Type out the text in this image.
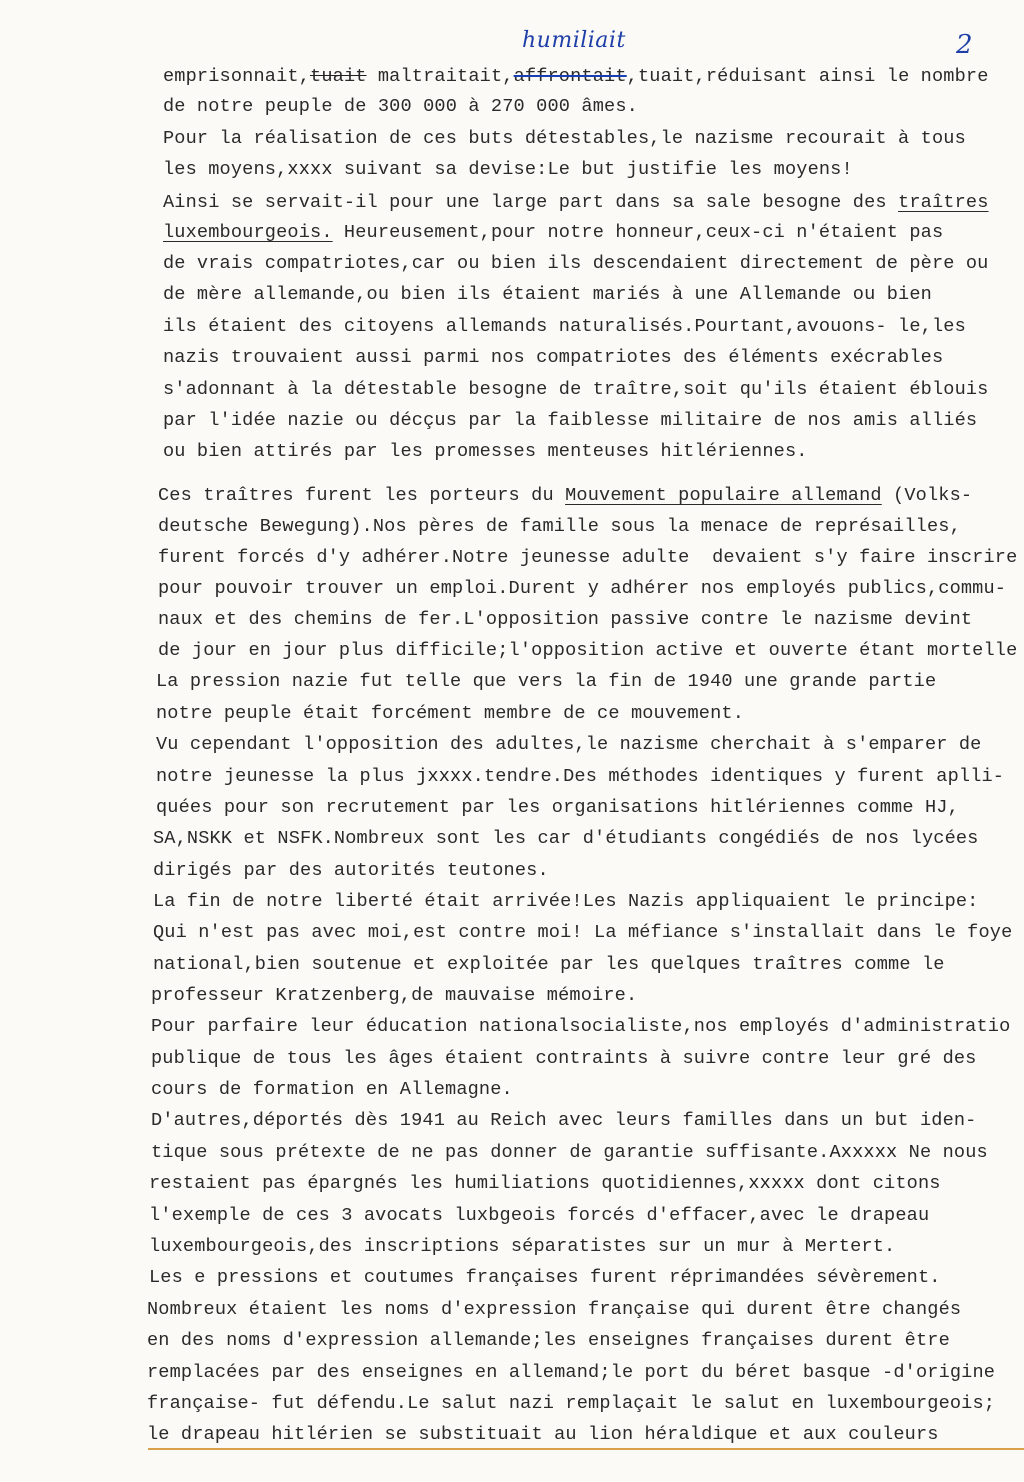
humiliait	2
emprisonnait,tuait maltraitait,affrontait,tuait,réduisant ainsi le nombre
de notre peuple de 300 000 à 270 000 âmes.
Pour la réalisation de ces buts détestables,le nazisme recourait à tous
les moyens,xxxx suivant sa devise:Le but justifie les moyens!
Ainsi se servait-il pour une large part dans sa sale besogne des traîtres
luxembourgeois. Heureusement,pour notre honneur,ceux-ci n'étaient pas
de vrais compatriotes,car ou bien ils descendaient directement de père ou
de mère allemande,ou bien ils étaient mariés à une Allemande ou bien
ils étaient des citoyens allemands naturalisés.Pourtant,avouons- le,les
nazis trouvaient aussi parmi nos compatriotes des éléments exécrables
s'adonnant à la détestable besogne de traître,soit qu'ils étaient éblouis
par l'idée nazie ou décçus par la faiblesse militaire de nos amis alliés
ou bien attirés par les promesses menteuses hitlériennes.
Ces traîtres furent les porteurs du Mouvement populaire allemand (Volks-
deutsche Bewegung).Nos pères de famille sous la menace de représailles,
furent forcés d'y adhérer.Notre jeunesse adulte  devaient s'y faire inscrire
pour pouvoir trouver un emploi.Durent y adhérer nos employés publics,commu-
naux et des chemins de fer.L'opposition passive contre le nazisme devint
de jour en jour plus difficile;l'opposition active et ouverte étant mortelle
La pression nazie fut telle que vers la fin de 1940 une grande partie
notre peuple était forcément membre de ce mouvement.
Vu cependant l'opposition des adultes,le nazisme cherchait à s'emparer de
notre jeunesse la plus jxxxx.tendre.Des méthodes identiques y furent aplli-
quées pour son recrutement par les organisations hitlériennes comme HJ,
SA,NSKK et NSFK.Nombreux sont les car d'étudiants congédiés de nos lycées
dirigés par des autorités teutones.
La fin de notre liberté était arrivée!Les Nazis appliquaient le principe:
Qui n'est pas avec moi,est contre moi! La méfiance s'installait dans le foye
national,bien soutenue et exploitée par les quelques traîtres comme le
professeur Kratzenberg,de mauvaise mémoire.
Pour parfaire leur éducation nationalsocialiste,nos employés d'administratio
publique de tous les âges étaient contraints à suivre contre leur gré des
cours de formation en Allemagne.
D'autres,déportés dès 1941 au Reich avec leurs familles dans un but iden-
tique sous prétexte de ne pas donner de garantie suffisante.Axxxxx Ne nous
restaient pas épargnés les humiliations quotidiennes,xxxxx dont citons
l'exemple de ces 3 avocats luxbgeois forcés d'effacer,avec le drapeau
luxembourgeois,des inscriptions séparatistes sur un mur à Mertert.
Les e pressions et coutumes françaises furent réprimandées sévèrement.
Nombreux étaient les noms d'expression française qui durent être changés
en des noms d'expression allemande;les enseignes françaises durent être
remplacées par des enseignes en allemand;le port du béret basque -d'origine
française- fut défendu.Le salut nazi remplaçait le salut en luxembourgeois;
le drapeau hitlérien se substituait au lion héraldique et aux couleurs
